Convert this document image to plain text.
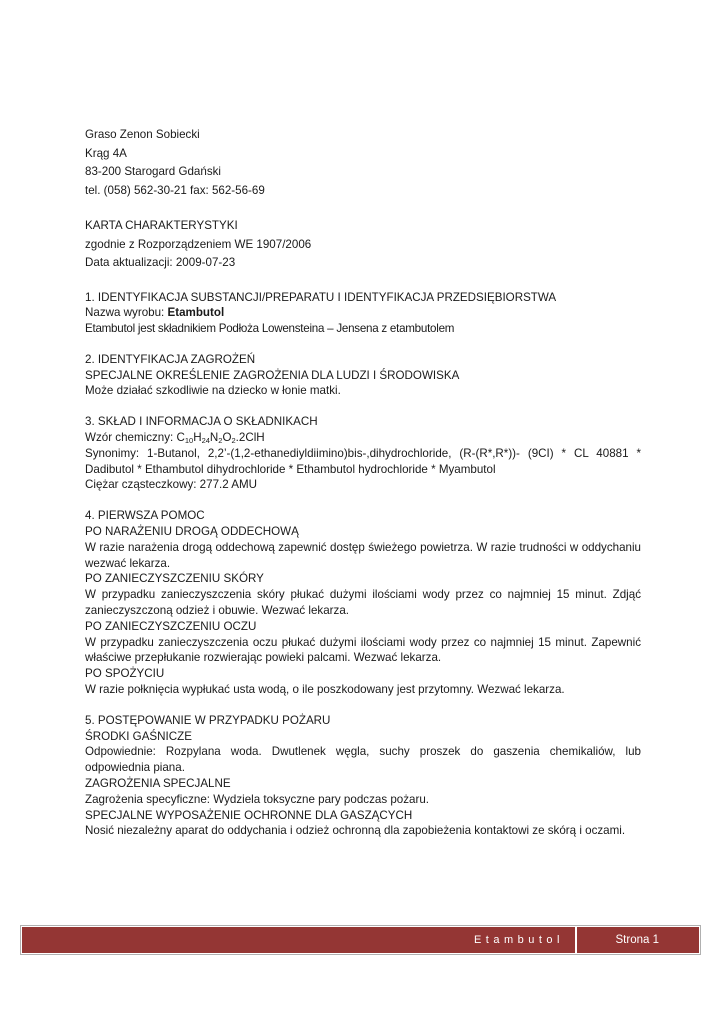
Graso Zenon Sobiecki
Krąg 4A
83-200 Starogard Gdański
tel. (058) 562-30-21 fax: 562-56-69
KARTA CHARAKTERYSTYKI
zgodnie z Rozporządzeniem WE 1907/2006
Data aktualizacji: 2009-07-23
1. IDENTYFIKACJA SUBSTANCJI/PREPARATU I IDENTYFIKACJA PRZEDSIĘBIORSTWA
Nazwa wyrobu: Etambutol
Etambutol jest składnikiem Podłoża Lowensteina – Jensena z etambutolem
2. IDENTYFIKACJA ZAGROŻEŃ
SPECJALNE OKREŚLENIE ZAGROŻENIA DLA LUDZI I ŚRODOWISKA
Może działać szkodliwie na dziecko w łonie matki.
3. SKŁAD I INFORMACJA O SKŁADNIKACH
Wzór chemiczny: $C_{10}H_{24}N_2O_2.2ClH$
Synonimy: 1-Butanol, 2,2’-(1,2-ethanediyldiimino)bis-,dihydrochloride, (R-(R*,R*))- (9CI) * CL 40881 * Dadibutol * Ethambutol dihydrochloride * Ethambutol hydrochloride * Myambutol
Ciężar cząsteczkowy: 277.2 AMU
4. PIERWSZA POMOC
PO NARAŻENIU DROGĄ ODDECHOWĄ
W razie narażenia drogą oddechową zapewnić dostęp świeżego powietrza. W razie trudności w oddychaniu wezwać lekarza.
PO ZANIECZYSZCZENIU SKÓRY
W przypadku zanieczyszczenia skóry płukać dużymi ilościami wody przez co najmniej 15 minut. Zdjąć zanieczyszczoną odzież i obuwie. Wezwać lekarza.
PO ZANIECZYSZCZENIU OCZU
W przypadku zanieczyszczenia oczu płukać dużymi ilościami wody przez co najmniej 15 minut. Zapewnić właściwe przepłukanie rozwierając powieki palcami. Wezwać lekarza.
PO SPOŻYCIU
W razie połknięcia wypłukać usta wodą, o ile poszkodowany jest przytomny. Wezwać lekarza.
5. POSTĘPOWANIE W PRZYPADKU POŻARU
ŚRODKI GAŚNICZE
Odpowiednie: Rozpylana woda. Dwutlenek węgla, suchy proszek do gaszenia chemikaliów, lub odpowiednia piana.
ZAGROŻENIA SPECJALNE
Zagrożenia specyficzne: Wydziela toksyczne pary podczas pożaru.
SPECJALNE WYPOSAŻENIE OCHRONNE DLA GASZĄCYCH
Nosić niezależny aparat do oddychania i odzież ochronną dla zapobieżenia kontaktowi ze skórą i oczami.
Etambutol	Strona 1
